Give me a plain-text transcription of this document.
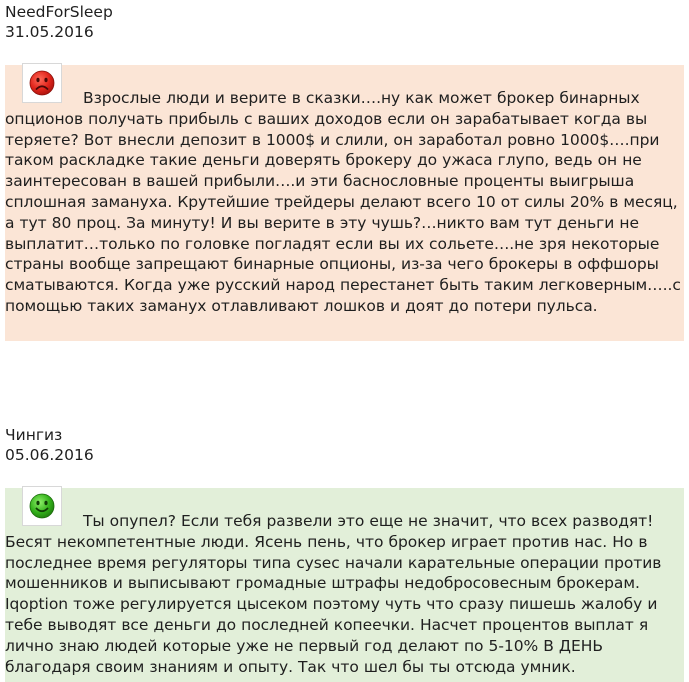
NeedForSleep
31.05.2016

Взрослые люди и верите в сказки….ну как может брокер бинарных опционов получать прибыль с ваших доходов если он зарабатывает когда вы теряете? Вот внесли депозит в 1000$ и слили, он заработал ровно 1000$….при таком раскладке такие деньги доверять брокеру до ужаса глупо, ведь он не заинтересован в вашей прибыли….и эти баснословные проценты выигрыша сплошная замануха. Крутейшие трейдеры делают всего 10 от силы 20% в месяц, а тут 80 проц. За минуту! И вы верите в эту чушь?…никто вам тут деньги не выплатит…только по головке погладят если вы их сольете….не зря некоторые страны вообще запрещают бинарные опционы, из-за чего брокеры в оффшоры сматываются. Когда уже русский народ перестанет быть таким легковерным…..с помощью таких заманух отлавливают лошков и доят до потери пульса.

Чингиз
05.06.2016

Ты опупел? Если тебя развели это еще не значит, что всех разводят! Бесят некомпетентные люди. Ясень пень, что брокер играет против нас. Но в последнее время регуляторы типа cysec начали карательные операции против мошенников и выписывают громадные штрафы недобросовесным брокерам. Iqoption тоже регулируется цысеком поэтому чуть что сразу пишешь жалобу и тебе выводят все деньги до последней копеечки. Насчет процентов выплат я лично знаю людей которые уже не первый год делают по 5-10% В ДЕНЬ благодаря своим знаниям и опыту. Так что шел бы ты отсюда умник.
